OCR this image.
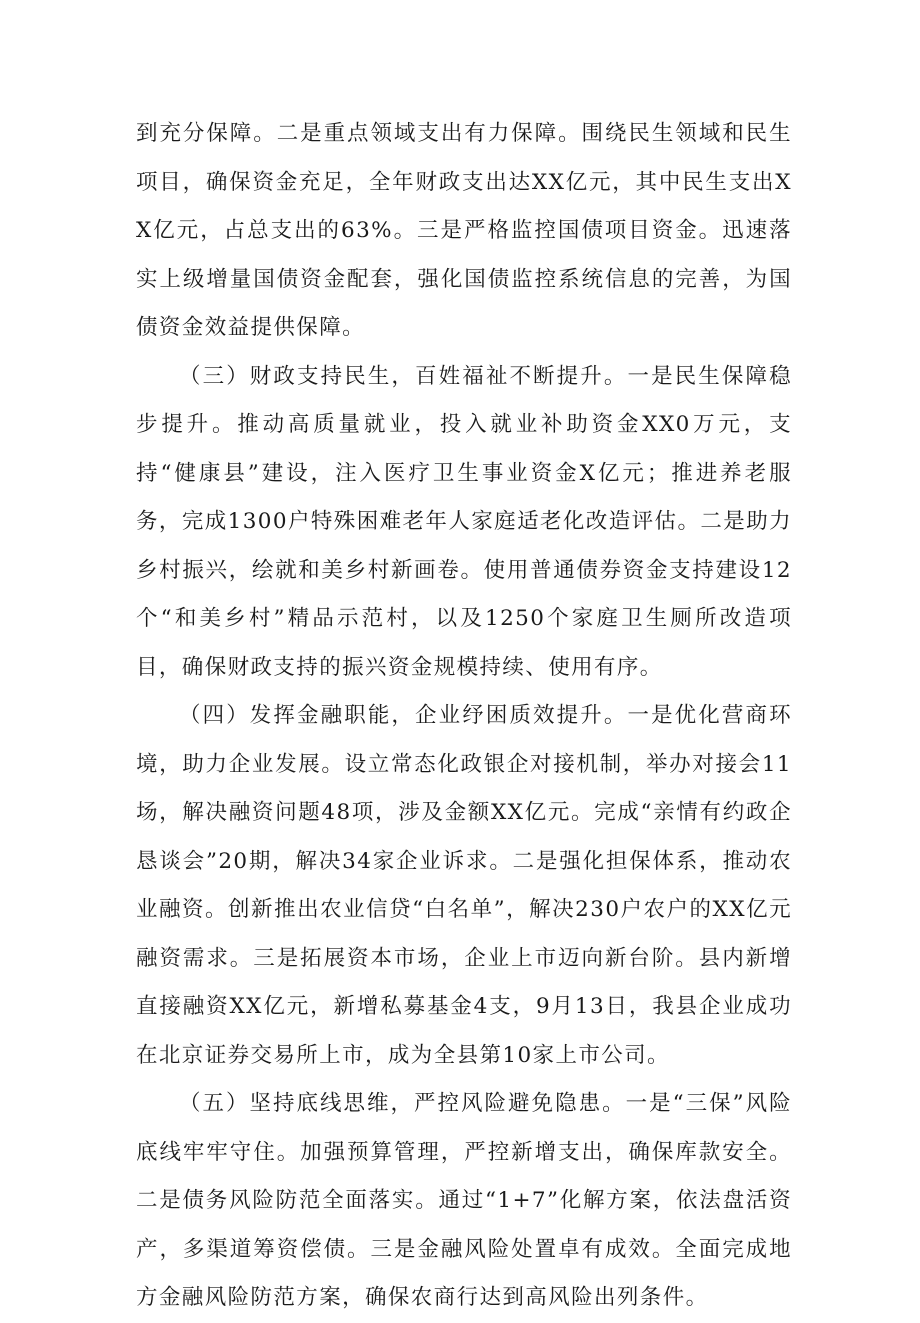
到充分保障。二是重点领域支出有力保障。围绕民生领域和民生项目，确保资金充足，全年财政支出达XX亿元，其中民生支出XX亿元，占总支出的63%。三是严格监控国债项目资金。迅速落实上级增量国债资金配套，强化国债监控系统信息的完善，为国债资金效益提供保障。

（三）财政支持民生，百姓福祉不断提升。一是民生保障稳步提升。推动高质量就业，投入就业补助资金XX0万元，支持“健康县”建设，注入医疗卫生事业资金X亿元；推进养老服务，完成1300户特殊困难老年人家庭适老化改造评估。二是助力乡村振兴，绘就和美乡村新画卷。使用普通债券资金支持建设12个“和美乡村”精品示范村，以及1250个家庭卫生厕所改造项目，确保财政支持的振兴资金规模持续、使用有序。

（四）发挥金融职能，企业纾困质效提升。一是优化营商环境，助力企业发展。设立常态化政银企对接机制，举办对接会11场，解决融资问题48项，涉及金额XX亿元。完成“亲情有约政企恳谈会”20期，解决34家企业诉求。二是强化担保体系，推动农业融资。创新推出农业信贷“白名单”，解决230户农户的XX亿元融资需求。三是拓展资本市场，企业上市迈向新台阶。县内新增直接融资XX亿元，新增私募基金4支，9月13日，我县企业成功在北京证券交易所上市，成为全县第10家上市公司。

（五）坚持底线思维，严控风险避免隐患。一是“三保”风险底线牢牢守住。加强预算管理，严控新增支出，确保库款安全。二是债务风险防范全面落实。通过“1+7”化解方案，依法盘活资产，多渠道筹资偿债。三是金融风险处置卓有成效。全面完成地方金融风险防范方案，确保农商行达到高风险出列条件。
